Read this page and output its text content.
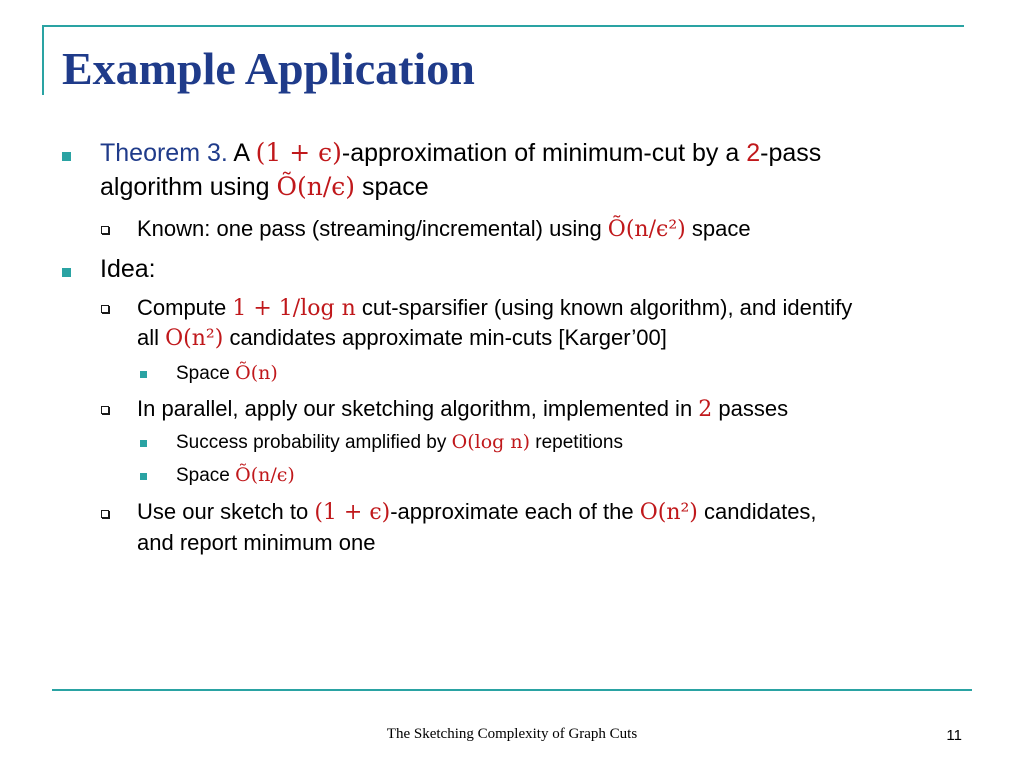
Example Application
Theorem 3. A (1 + ϵ)-approximation of minimum-cut by a 2-pass
algorithm using Õ(n/ϵ) space
Known: one pass (streaming/incremental) using Õ(n/ϵ²) space
Idea:
Compute 1 + 1/log n cut-sparsifier (using known algorithm), and identify
all O(n²) candidates approximate min-cuts [Karger’00]
Space Õ(n)
In parallel, apply our sketching algorithm, implemented in 2 passes
Success probability amplified by O(log n) repetitions
Space Õ(n/ϵ)
Use our sketch to (1 + ϵ)-approximate each of the O(n²) candidates,
and report minimum one
The Sketching Complexity of Graph Cuts	11
